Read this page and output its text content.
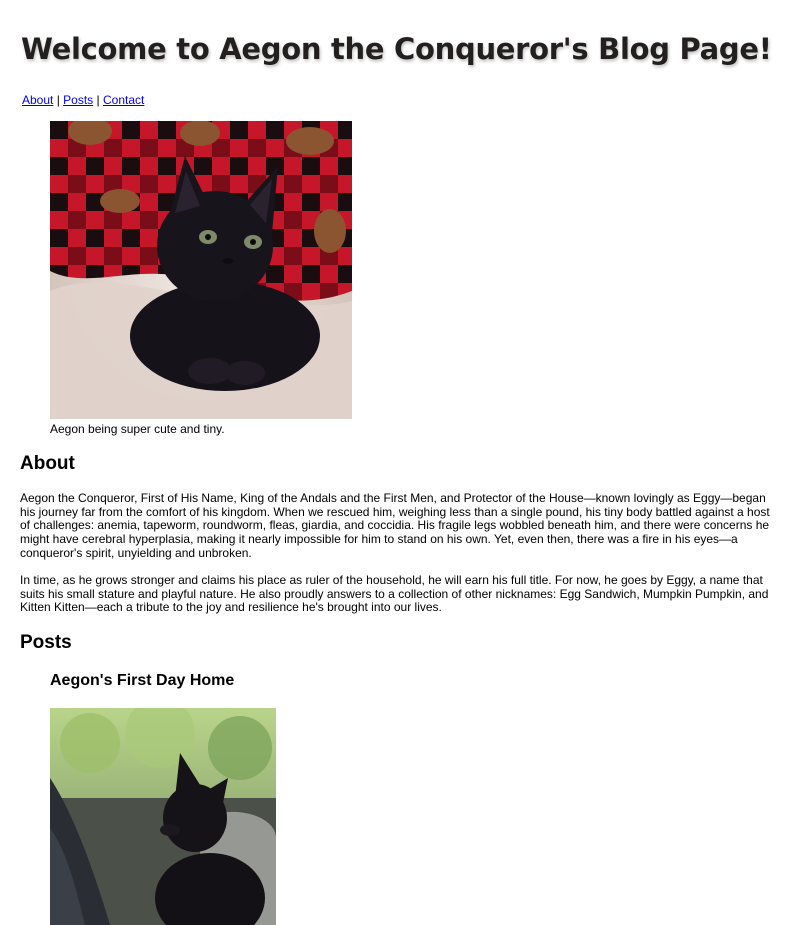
Welcome to Aegon the Conqueror's Blog Page!
About | Posts | Contact
Aegon being super cute and tiny.
About

Aegon the Conqueror, First of His Name, King of the Andals and the First Men, and Protector of the House—known lovingly as Eggy—began his journey far from the comfort of his kingdom. When we rescued him, weighing less than a single pound, his tiny body battled against a host of challenges: anemia, tapeworm, roundworm, fleas, giardia, and coccidia. His fragile legs wobbled beneath him, and there were concerns he might have cerebral hyperplasia, making it nearly impossible for him to stand on his own. Yet, even then, there was a fire in his eyes—a conqueror's spirit, unyielding and unbroken.

In time, as he grows stronger and claims his place as ruler of the household, he will earn his full title. For now, he goes by Eggy, a name that suits his small stature and playful nature. He also proudly answers to a collection of other nicknames: Egg Sandwich, Mumpkin Pumpkin, and Kitten Kitten—each a tribute to the joy and resilience he's brought into our lives.

Posts
Aegon's First Day Home
